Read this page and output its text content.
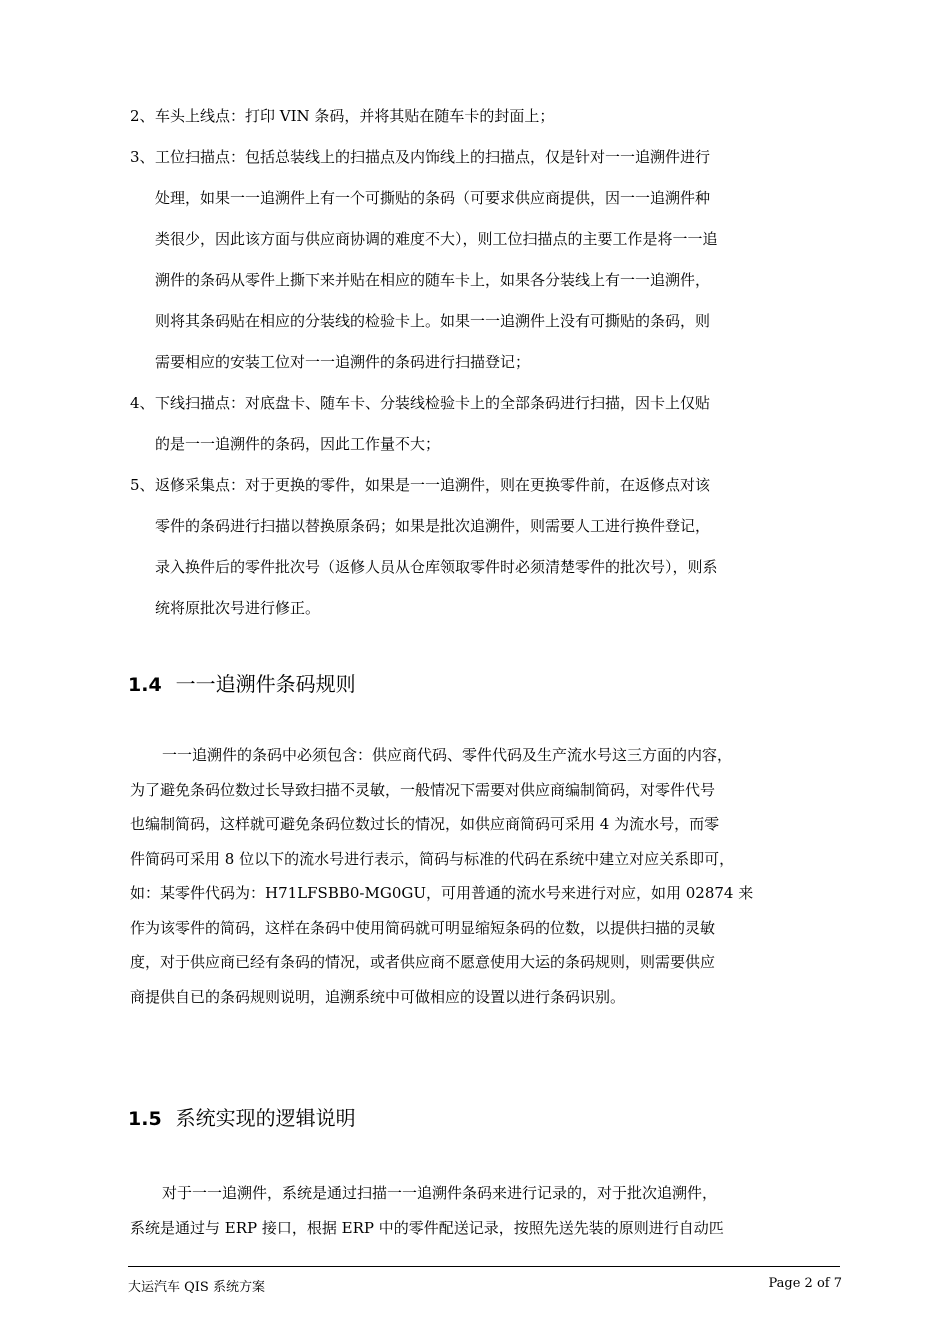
2、 车头上线点：打印 VIN 条码，并将其贴在随车卡的封面上；

3、 工位扫描点：包括总装线上的扫描点及内饰线上的扫描点，仅是针对一一追溯件进行
处理，如果一一追溯件上有一个可撕贴的条码（可要求供应商提供，因一一追溯件种
类很少，因此该方面与供应商协调的难度不大），则工位扫描点的主要工作是将一一追
溯件的条码从零件上撕下来并贴在相应的随车卡上，如果各分装线上有一一追溯件，
则将其条码贴在相应的分装线的检验卡上。如果一一追溯件上没有可撕贴的条码，则
需要相应的安装工位对一一追溯件的条码进行扫描登记；

4、 下线扫描点：对底盘卡、随车卡、分装线检验卡上的全部条码进行扫描，因卡上仅贴
的是一一追溯件的条码，因此工作量不大；

5、 返修采集点：对于更换的零件，如果是一一追溯件，则在更换零件前，在返修点对该
零件的条码进行扫描以替换原条码；如果是批次追溯件，则需要人工进行换件登记，
录入换件后的零件批次号（返修人员从仓库领取零件时必须清楚零件的批次号），则系
统将原批次号进行修正。

1.4 一一追溯件条码规则

一一追溯件的条码中必须包含：供应商代码、零件代码及生产流水号这三方面的内容，
为了避免条码位数过长导致扫描不灵敏，一般情况下需要对供应商编制简码，对零件代号
也编制简码，这样就可避免条码位数过长的情况，如供应商简码可采用 4 为流水号，而零
件简码可采用 8 位以下的流水号进行表示，简码与标准的代码在系统中建立对应关系即可，
如：某零件代码为：H71LFSBB0-MG0GU，可用普通的流水号来进行对应，如用 02874 来
作为该零件的简码，这样在条码中使用简码就可明显缩短条码的位数，以提供扫描的灵敏
度，对于供应商已经有条码的情况，或者供应商不愿意使用大运的条码规则，则需要供应
商提供自已的条码规则说明，追溯系统中可做相应的设置以进行条码识别。

1.5 系统实现的逻辑说明

对于一一追溯件，系统是通过扫描一一追溯件条码来进行记录的，对于批次追溯件，
系统是通过与 ERP 接口，根据 ERP 中的零件配送记录，按照先送先装的原则进行自动匹

大运汽车 QIS 系统方案	Page 2 of 7
